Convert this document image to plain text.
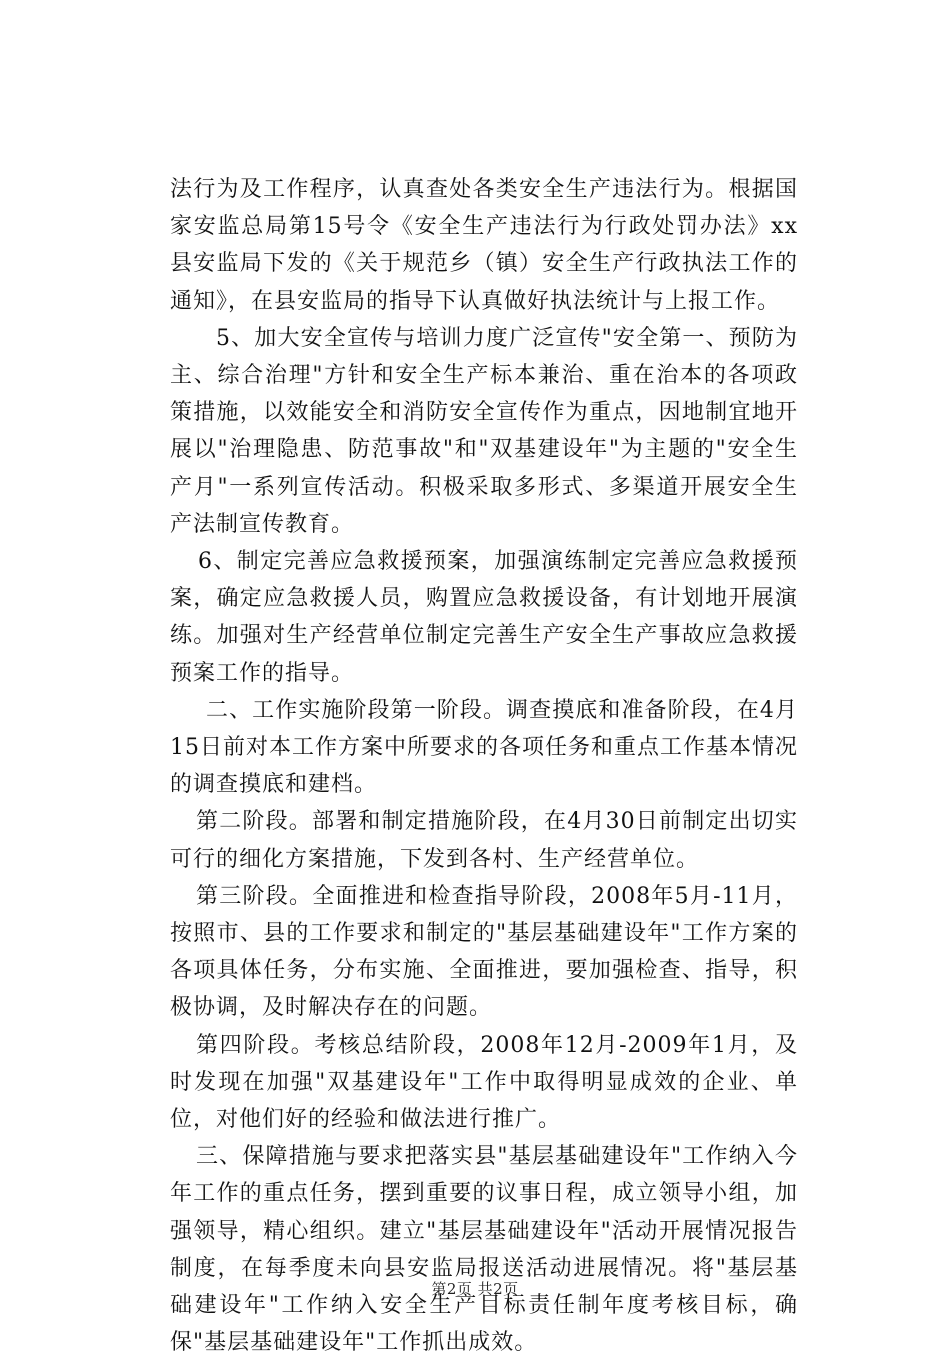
法行为及工作程序，认真查处各类安全生产违法行为。根据国家安监总局第15号令《安全生产违法行为行政处罚办法》xx县安监局下发的《关于规范乡（镇）安全生产行政执法工作的通知》，在县安监局的指导下认真做好执法统计与上报工作。

5、加大安全宣传与培训力度广泛宣传"安全第一、预防为主、综合治理"方针和安全生产标本兼治、重在治本的各项政策措施，以效能安全和消防安全宣传作为重点，因地制宜地开展以"治理隐患、防范事故"和"双基建设年"为主题的"安全生产月"一系列宣传活动。积极采取多形式、多渠道开展安全生产法制宣传教育。

6、制定完善应急救援预案，加强演练制定完善应急救援预案，确定应急救援人员，购置应急救援设备，有计划地开展演练。加强对生产经营单位制定完善生产安全生产事故应急救援预案工作的指导。

二、工作实施阶段第一阶段。调查摸底和准备阶段，在4月15日前对本工作方案中所要求的各项任务和重点工作基本情况的调查摸底和建档。

第二阶段。部署和制定措施阶段，在4月30日前制定出切实可行的细化方案措施，下发到各村、生产经营单位。

第三阶段。全面推进和检查指导阶段，2008年5月-11月，按照市、县的工作要求和制定的"基层基础建设年"工作方案的各项具体任务，分布实施、全面推进，要加强检查、指导，积极协调，及时解决存在的问题。

第四阶段。考核总结阶段，2008年12月-2009年1月，及时发现在加强"双基建设年"工作中取得明显成效的企业、单位，对他们好的经验和做法进行推广。

三、保障措施与要求把落实县"基层基础建设年"工作纳入今年工作的重点任务，摆到重要的议事日程，成立领导小组，加强领导，精心组织。建立"基层基础建设年"活动开展情况报告制度，在每季度未向县安监局报送活动进展情况。将"基层基础建设年"工作纳入安全生产目标责任制年度考核目标，确保"基层基础建设年"工作抓出成效。

第2页 共2页
